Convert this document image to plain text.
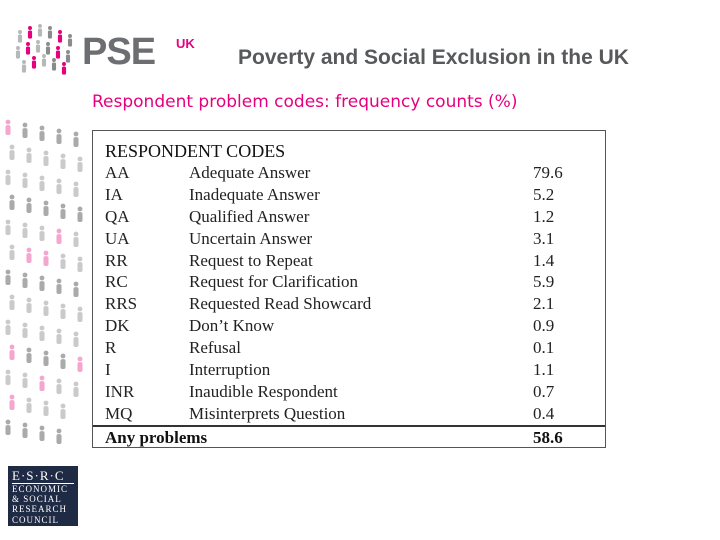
PSE UK
Poverty and Social Exclusion in the UK
Respondent problem codes: frequency counts (%)
RESPONDENT CODES
AA	Adequate Answer	79.6
IA	Inadequate Answer	5.2
QA	Qualified Answer	1.2
UA	Uncertain Answer	3.1
RR	Request to Repeat	1.4
RC	Request for Clarification	5.9
RRS	Requested Read Showcard	2.1
DK	Don’t Know	0.9
R	Refusal	0.1
I	Interruption	1.1
INR	Inaudible Respondent	0.7
MQ	Misinterprets Question	0.4
Any problems	58.6
E·S·R·C
ECONOMIC
& SOCIAL
RESEARCH
COUNCIL
